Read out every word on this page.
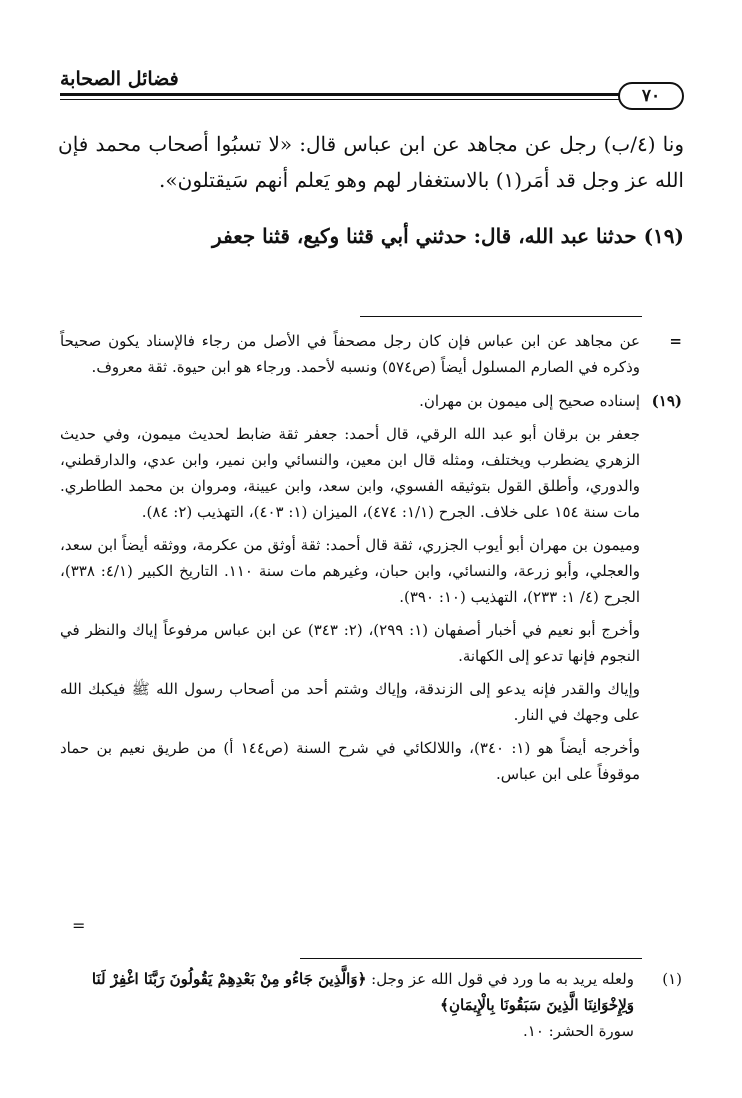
فضائل الصحابة
٧٠

ونا (٤/ب) رجل عن مجاهد عن ابن عباس قال: «لا تسبُوا أصحاب محمد فإن الله عز وجل قد أمَر(١) بالاستغفار لهم وهو يَعلم أنهم سَيقتلون».

(١٩) حدثنا عبد الله، قال: حدثني أبي قثنا وكيع، قثنا جعفر

=

عن مجاهد عن ابن عباس فإن كان رجل مصحفاً في الأصل من رجاء فالإسناد يكون صحيحاً وذكره في الصارم المسلول أيضاً (ص٥٧٤) ونسبه لأحمد. ورجاء هو ابن حيوة. ثقة معروف.

(١٩)

إسناده صحيح إلى ميمون بن مهران.

جعفر بن برقان أبو عبد الله الرقي، قال أحمد: جعفر ثقة ضابط لحديث ميمون، وفي حديث الزهري يضطرب ويختلف، ومثله قال ابن معين، والنسائي وابن نمير، وابن عدي، والدارقطني، والدوري، وأطلق القول بتوثيقه الفسوي، وابن سعد، وابن عيينة، ومروان بن محمد الطاطري. مات سنة ١٥٤ على خلاف. الجرح (١/١: ٤٧٤)، الميزان (١: ٤٠٣)، التهذيب (٢: ٨٤).

وميمون بن مهران أبو أيوب الجزري، ثقة قال أحمد: ثقة أوثق من عكرمة، ووثقه أيضاً ابن سعد، والعجلي، وأبو زرعة، والنسائي، وابن حبان، وغيرهم مات سنة ١١٠. التاريخ الكبير (٤/١: ٣٣٨)، الجرح (٤/ ١: ٢٣٣)، التهذيب (١٠: ٣٩٠).

وأخرج أبو نعيم في أخبار أصفهان (١: ٢٩٩)، (٢: ٣٤٣) عن ابن عباس مرفوعاً إياك والنظر في النجوم فإنها تدعو إلى الكهانة.

وإياك والقدر فإنه يدعو إلى الزندقة، وإياك وشتم أحد من أصحاب رسول الله ﷺ فيكبك الله على وجهك في النار.

وأخرجه أيضاً هو (١: ٣٤٠)، واللالكائي في شرح السنة (ص١٤٤ أ) من طريق نعيم بن حماد موقوفاً على ابن عباس.

=
(١)
ولعله يريد به ما ورد في قول الله عز وجل: ﴿وَالَّذِينَ جَاءُو مِنْ بَعْدِهِمْ يَقُولُونَ رَبَّنَا اغْفِرْ لَنَا وَلِإِخْوَانِنَا الَّذِينَ سَبَقُونَا بِالْإِيمَانِ﴾
سورة الحشر: ١٠.
